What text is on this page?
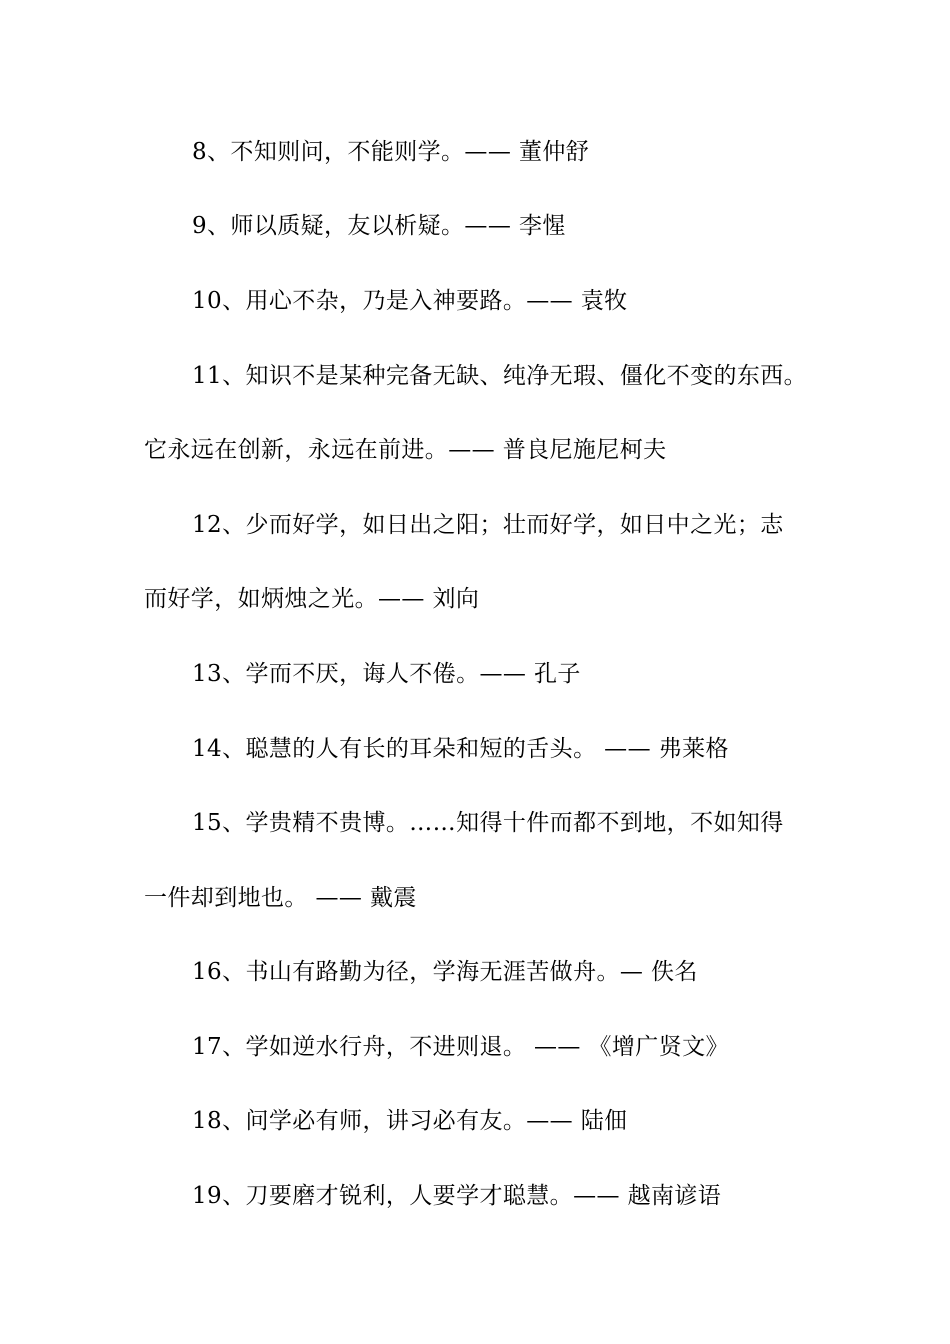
8、不知则问，不能则学。—— 董仲舒
9、师以质疑，友以析疑。—— 李惺
10、用心不杂，乃是入神要路。—— 袁牧
11、知识不是某种完备无缺、纯净无瑕、僵化不变的东西。
它永远在创新，永远在前进。—— 普良尼施尼柯夫
12、少而好学，如日出之阳；壮而好学，如日中之光；志
而好学，如炳烛之光。—— 刘向
13、学而不厌，诲人不倦。—— 孔子
14、聪慧的人有长的耳朵和短的舌头。 —— 弗莱格
15、学贵精不贵博。……知得十件而都不到地，不如知得
一件却到地也。 —— 戴震
16、书山有路勤为径，学海无涯苦做舟。— 佚名
17、学如逆水行舟，不进则退。 —— 《增广贤文》
18、问学必有师，讲习必有友。—— 陆佃
19、刀要磨才锐利，人要学才聪慧。—— 越南谚语
